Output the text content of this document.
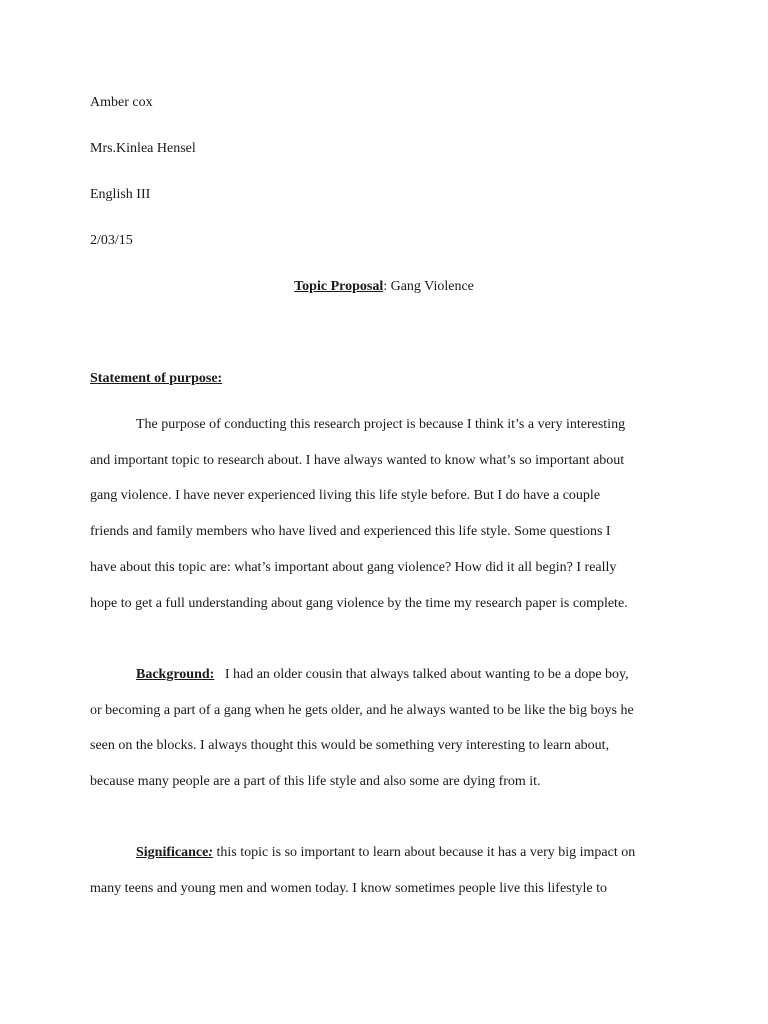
Amber cox
Mrs.Kinlea Hensel
English III
2/03/15
Topic Proposal: Gang Violence
Statement of purpose:
The purpose of conducting this research project is because I think it’s a very interesting
and important topic to research about. I have always wanted to know what’s so important about
gang violence. I have never experienced living this life style before. But I do have a couple
friends and family members who have lived and experienced this life style. Some questions I
have about this topic are: what’s important about gang violence? How did it all begin? I really
hope to get a full understanding about gang violence by the time my research paper is complete.
Background:   I had an older cousin that always talked about wanting to be a dope boy,
or becoming a part of a gang when he gets older, and he always wanted to be like the big boys he
seen on the blocks. I always thought this would be something very interesting to learn about,
because many people are a part of this life style and also some are dying from it.
Significance: this topic is so important to learn about because it has a very big impact on
many teens and young men and women today. I know sometimes people live this lifestyle to
